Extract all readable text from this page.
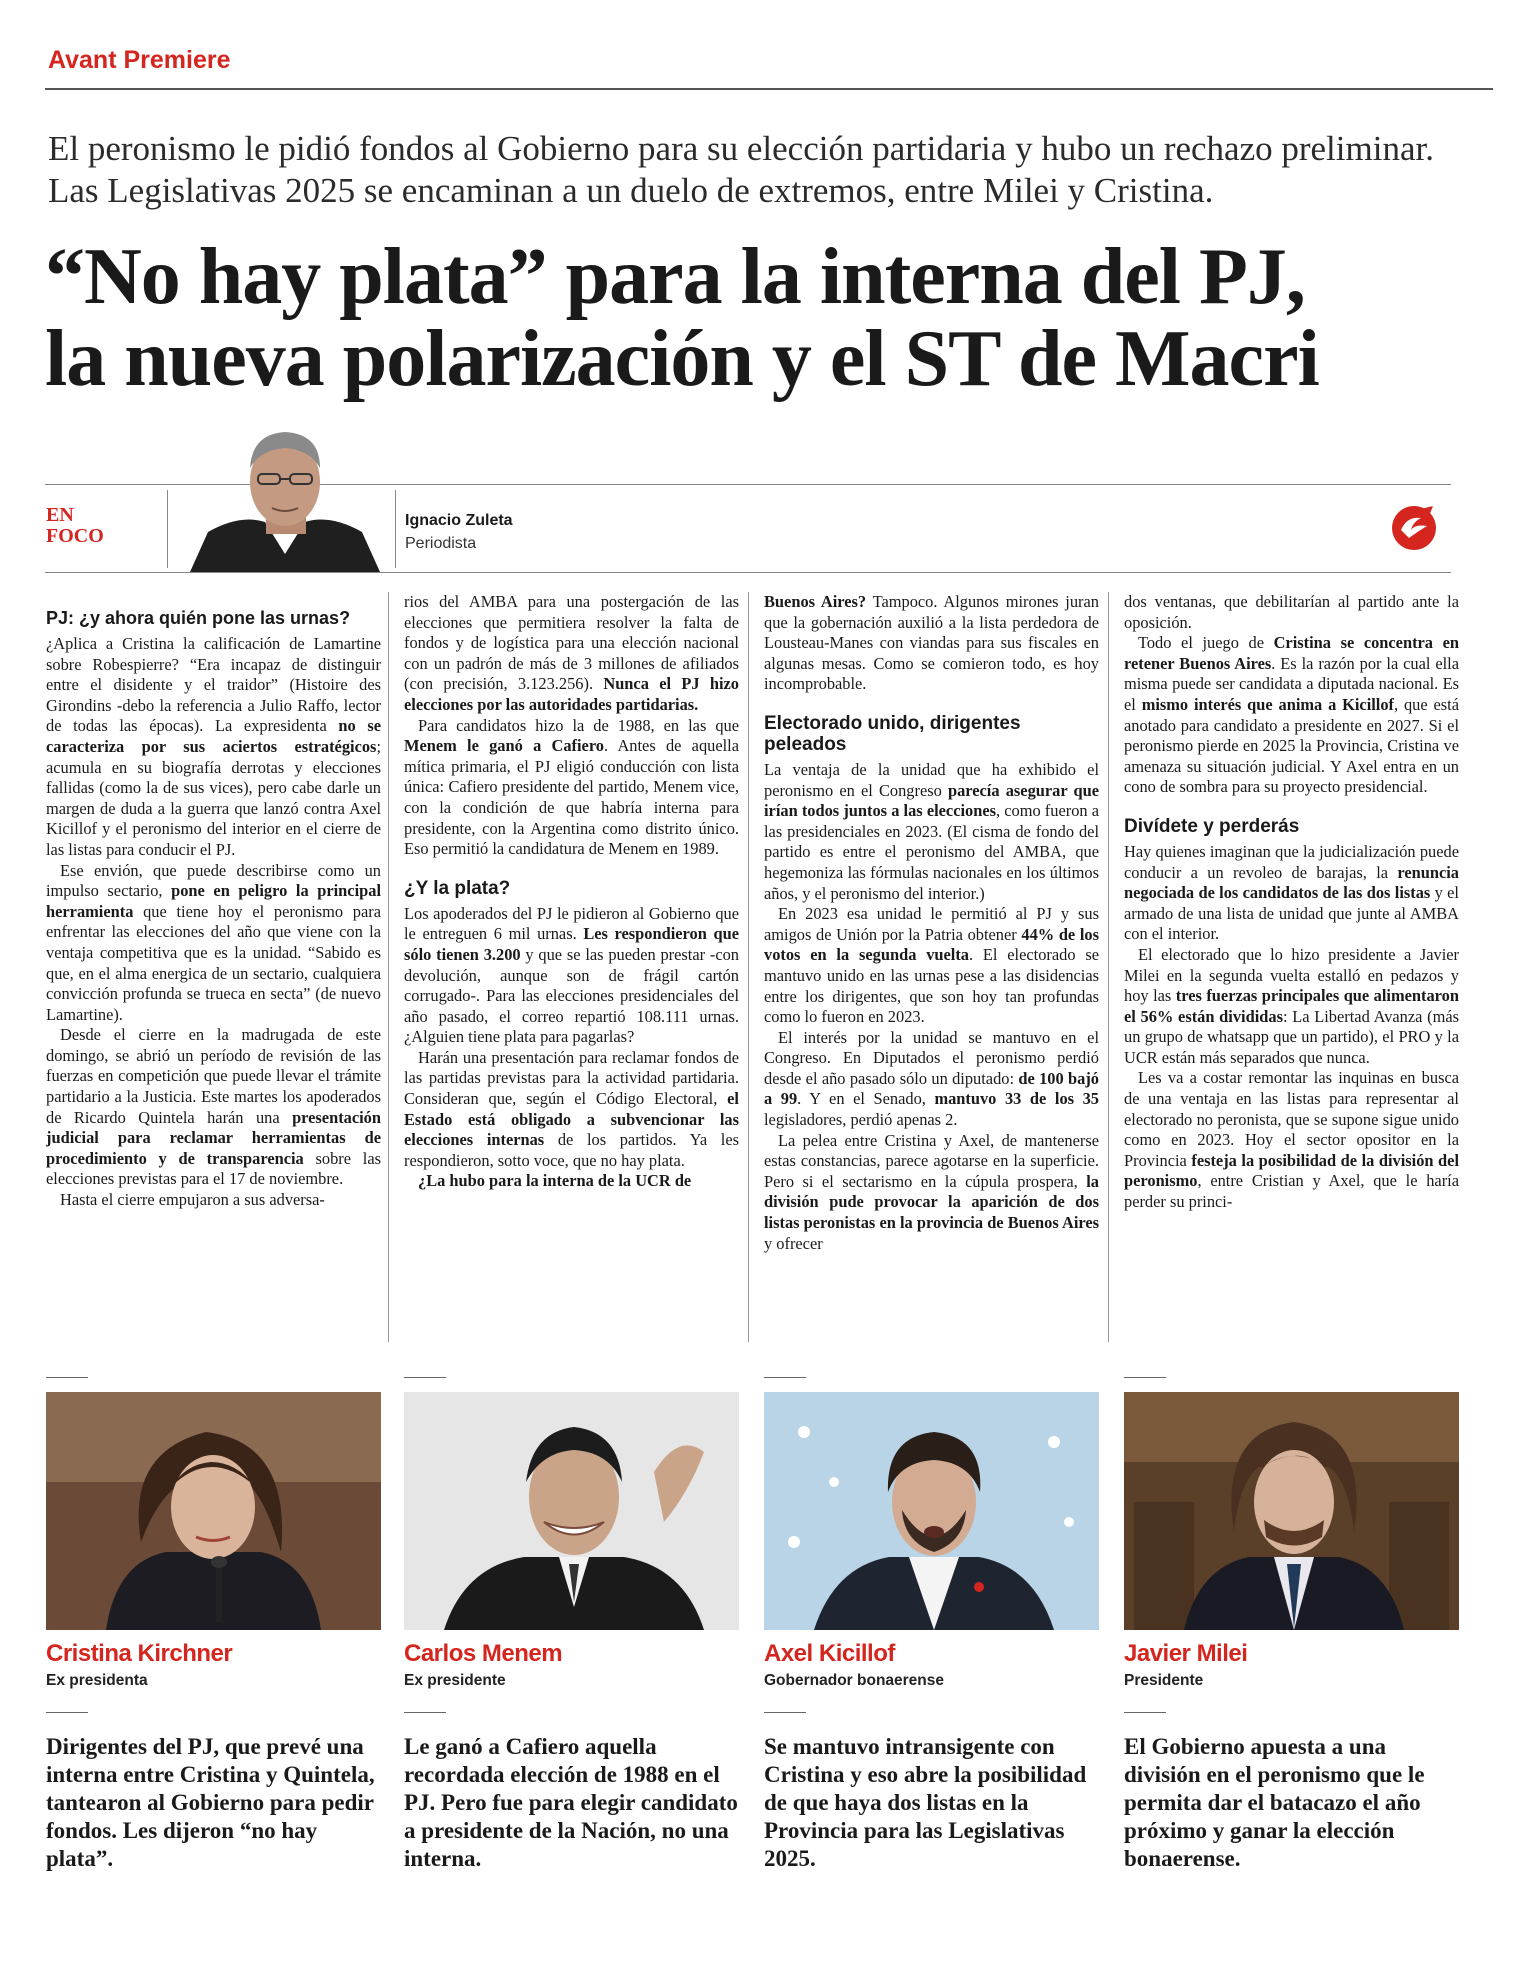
Avant Premiere
El peronismo le pidió fondos al Gobierno para su elección partidaria y hubo un rechazo preliminar. Las Legislativas 2025 se encaminan a un duelo de extremos, entre Milei y Cristina.
“No hay plata” para la interna del PJ,
la nueva polarización y el ST de Macri
EN
FOCO
Ignacio Zuleta
Periodista
PJ: ¿y ahora quién pone las urnas?

¿Aplica a Cristina la calificación de Lamartine sobre Robespierre? “Era incapaz de distinguir entre el disidente y el traidor” (Histoire des Girondins -debo la referencia a Julio Raffo, lector de todas las épocas). La expresidenta no se caracteriza por sus aciertos estratégicos; acumula en su biografía derrotas y elecciones fallidas (como la de sus vices), pero cabe darle un margen de duda a la guerra que lanzó contra Axel Kicillof y el peronismo del interior en el cierre de las listas para conducir el PJ.

Ese envión, que puede describirse como un impulso sectario, pone en peligro la principal herramienta que tiene hoy el peronismo para enfrentar las elecciones del año que viene con la ventaja competitiva que es la unidad. “Sabido es que, en el alma energica de un sectario, cualquiera convicción profunda se trueca en secta” (de nuevo Lamartine).

Desde el cierre en la madrugada de este domingo, se abrió un período de revisión de las fuerzas en competición que puede llevar el trámite partidario a la Justicia. Este martes los apoderados de Ricardo Quintela harán una presentación judicial para reclamar herramientas de procedimiento y de transparencia sobre las elecciones previstas para el 17 de noviembre.

Hasta el cierre empujaron a sus adversa-

rios del AMBA para una postergación de las elecciones que permitiera resolver la falta de fondos y de logística para una elección nacional con un padrón de más de 3 millones de afiliados (con precisión, 3.123.256). Nunca el PJ hizo elecciones por las autoridades partidarias.

Para candidatos hizo la de 1988, en las que Menem le ganó a Cafiero. Antes de aquella mítica primaria, el PJ eligió conducción con lista única: Cafiero presidente del partido, Menem vice, con la condición de que habría interna para presidente, con la Argentina como distrito único. Eso permitió la candidatura de Menem en 1989.

¿Y la plata?

Los apoderados del PJ le pidieron al Gobierno que le entreguen 6 mil urnas. Les respondieron que sólo tienen 3.200 y que se las pueden prestar -con devolución, aunque son de frágil cartón corrugado-. Para las elecciones presidenciales del año pasado, el correo repartió 108.111 urnas. ¿Alguien tiene plata para pagarlas?

Harán una presentación para reclamar fondos de las partidas previstas para la actividad partidaria. Consideran que, según el Código Electoral, el Estado está obligado a subvencionar las elecciones internas de los partidos. Ya les respondieron, sotto voce, que no hay plata.

¿La hubo para la interna de la UCR de

Buenos Aires? Tampoco. Algunos mirones juran que la gobernación auxilió a la lista perdedora de Lousteau-Manes con viandas para sus fiscales en algunas mesas. Como se comieron todo, es hoy incomprobable.

Electorado unido, dirigentes peleados

La ventaja de la unidad que ha exhibido el peronismo en el Congreso parecía asegurar que irían todos juntos a las elecciones, como fueron a las presidenciales en 2023. (El cisma de fondo del partido es entre el peronismo del AMBA, que hegemoniza las fórmulas nacionales en los últimos años, y el peronismo del interior.)

En 2023 esa unidad le permitió al PJ y sus amigos de Unión por la Patria obtener 44% de los votos en la segunda vuelta. El electorado se mantuvo unido en las urnas pese a las disidencias entre los dirigentes, que son hoy tan profundas como lo fueron en 2023.

El interés por la unidad se mantuvo en el Congreso. En Diputados el peronismo perdió desde el año pasado sólo un diputado: de 100 bajó a 99. Y en el Senado, mantuvo 33 de los 35 legisladores, perdió apenas 2.

La pelea entre Cristina y Axel, de mantenerse estas constancias, parece agotarse en la superficie. Pero si el sectarismo en la cúpula prospera, la división pude provocar la aparición de dos listas peronistas en la provincia de Buenos Aires y ofrecer

dos ventanas, que debilitarían al partido ante la oposición.

Todo el juego de Cristina se concentra en retener Buenos Aires. Es la razón por la cual ella misma puede ser candidata a diputada nacional. Es el mismo interés que anima a Kicillof, que está anotado para candidato a presidente en 2027. Si el peronismo pierde en 2025 la Provincia, Cristina ve amenaza su situación judicial. Y Axel entra en un cono de sombra para su proyecto presidencial.

Divídete y perderás

Hay quienes imaginan que la judicialización puede conducir a un revoleo de barajas, la renuncia negociada de los candidatos de las dos listas y el armado de una lista de unidad que junte al AMBA con el interior.

El electorado que lo hizo presidente a Javier Milei en la segunda vuelta estalló en pedazos y hoy las tres fuerzas principales que alimentaron el 56% están divididas: La Libertad Avanza (más un grupo de whatsapp que un partido), el PRO y la UCR están más separados que nunca.

Les va a costar remontar las inquinas en busca de una ventaja en las listas para representar al electorado no peronista, que se supone sigue unido como en 2023. Hoy el sector opositor en la Provincia festeja la posibilidad de la división del peronismo, entre Cristian y Axel, que le haría perder su princi-

Cristina Kirchner
Ex presidenta
Dirigentes del PJ, que prevé una interna entre Cristina y Quintela, tantearon al Gobierno para pedir fondos. Les dijeron “no hay plata”.
Carlos Menem
Ex presidente
Le ganó a Cafiero aquella recordada elección de 1988 en el PJ. Pero fue para elegir candidato a presidente de la Nación, no una interna.
Axel Kicillof
Gobernador bonaerense
Se mantuvo intransigente con Cristina y eso abre la posibilidad de que haya dos listas en la Provincia para las Legislativas 2025.
Javier Milei
Presidente
El Gobierno apuesta a una división en el peronismo que le permita dar el batacazo el año próximo y ganar la elección bonaerense.
